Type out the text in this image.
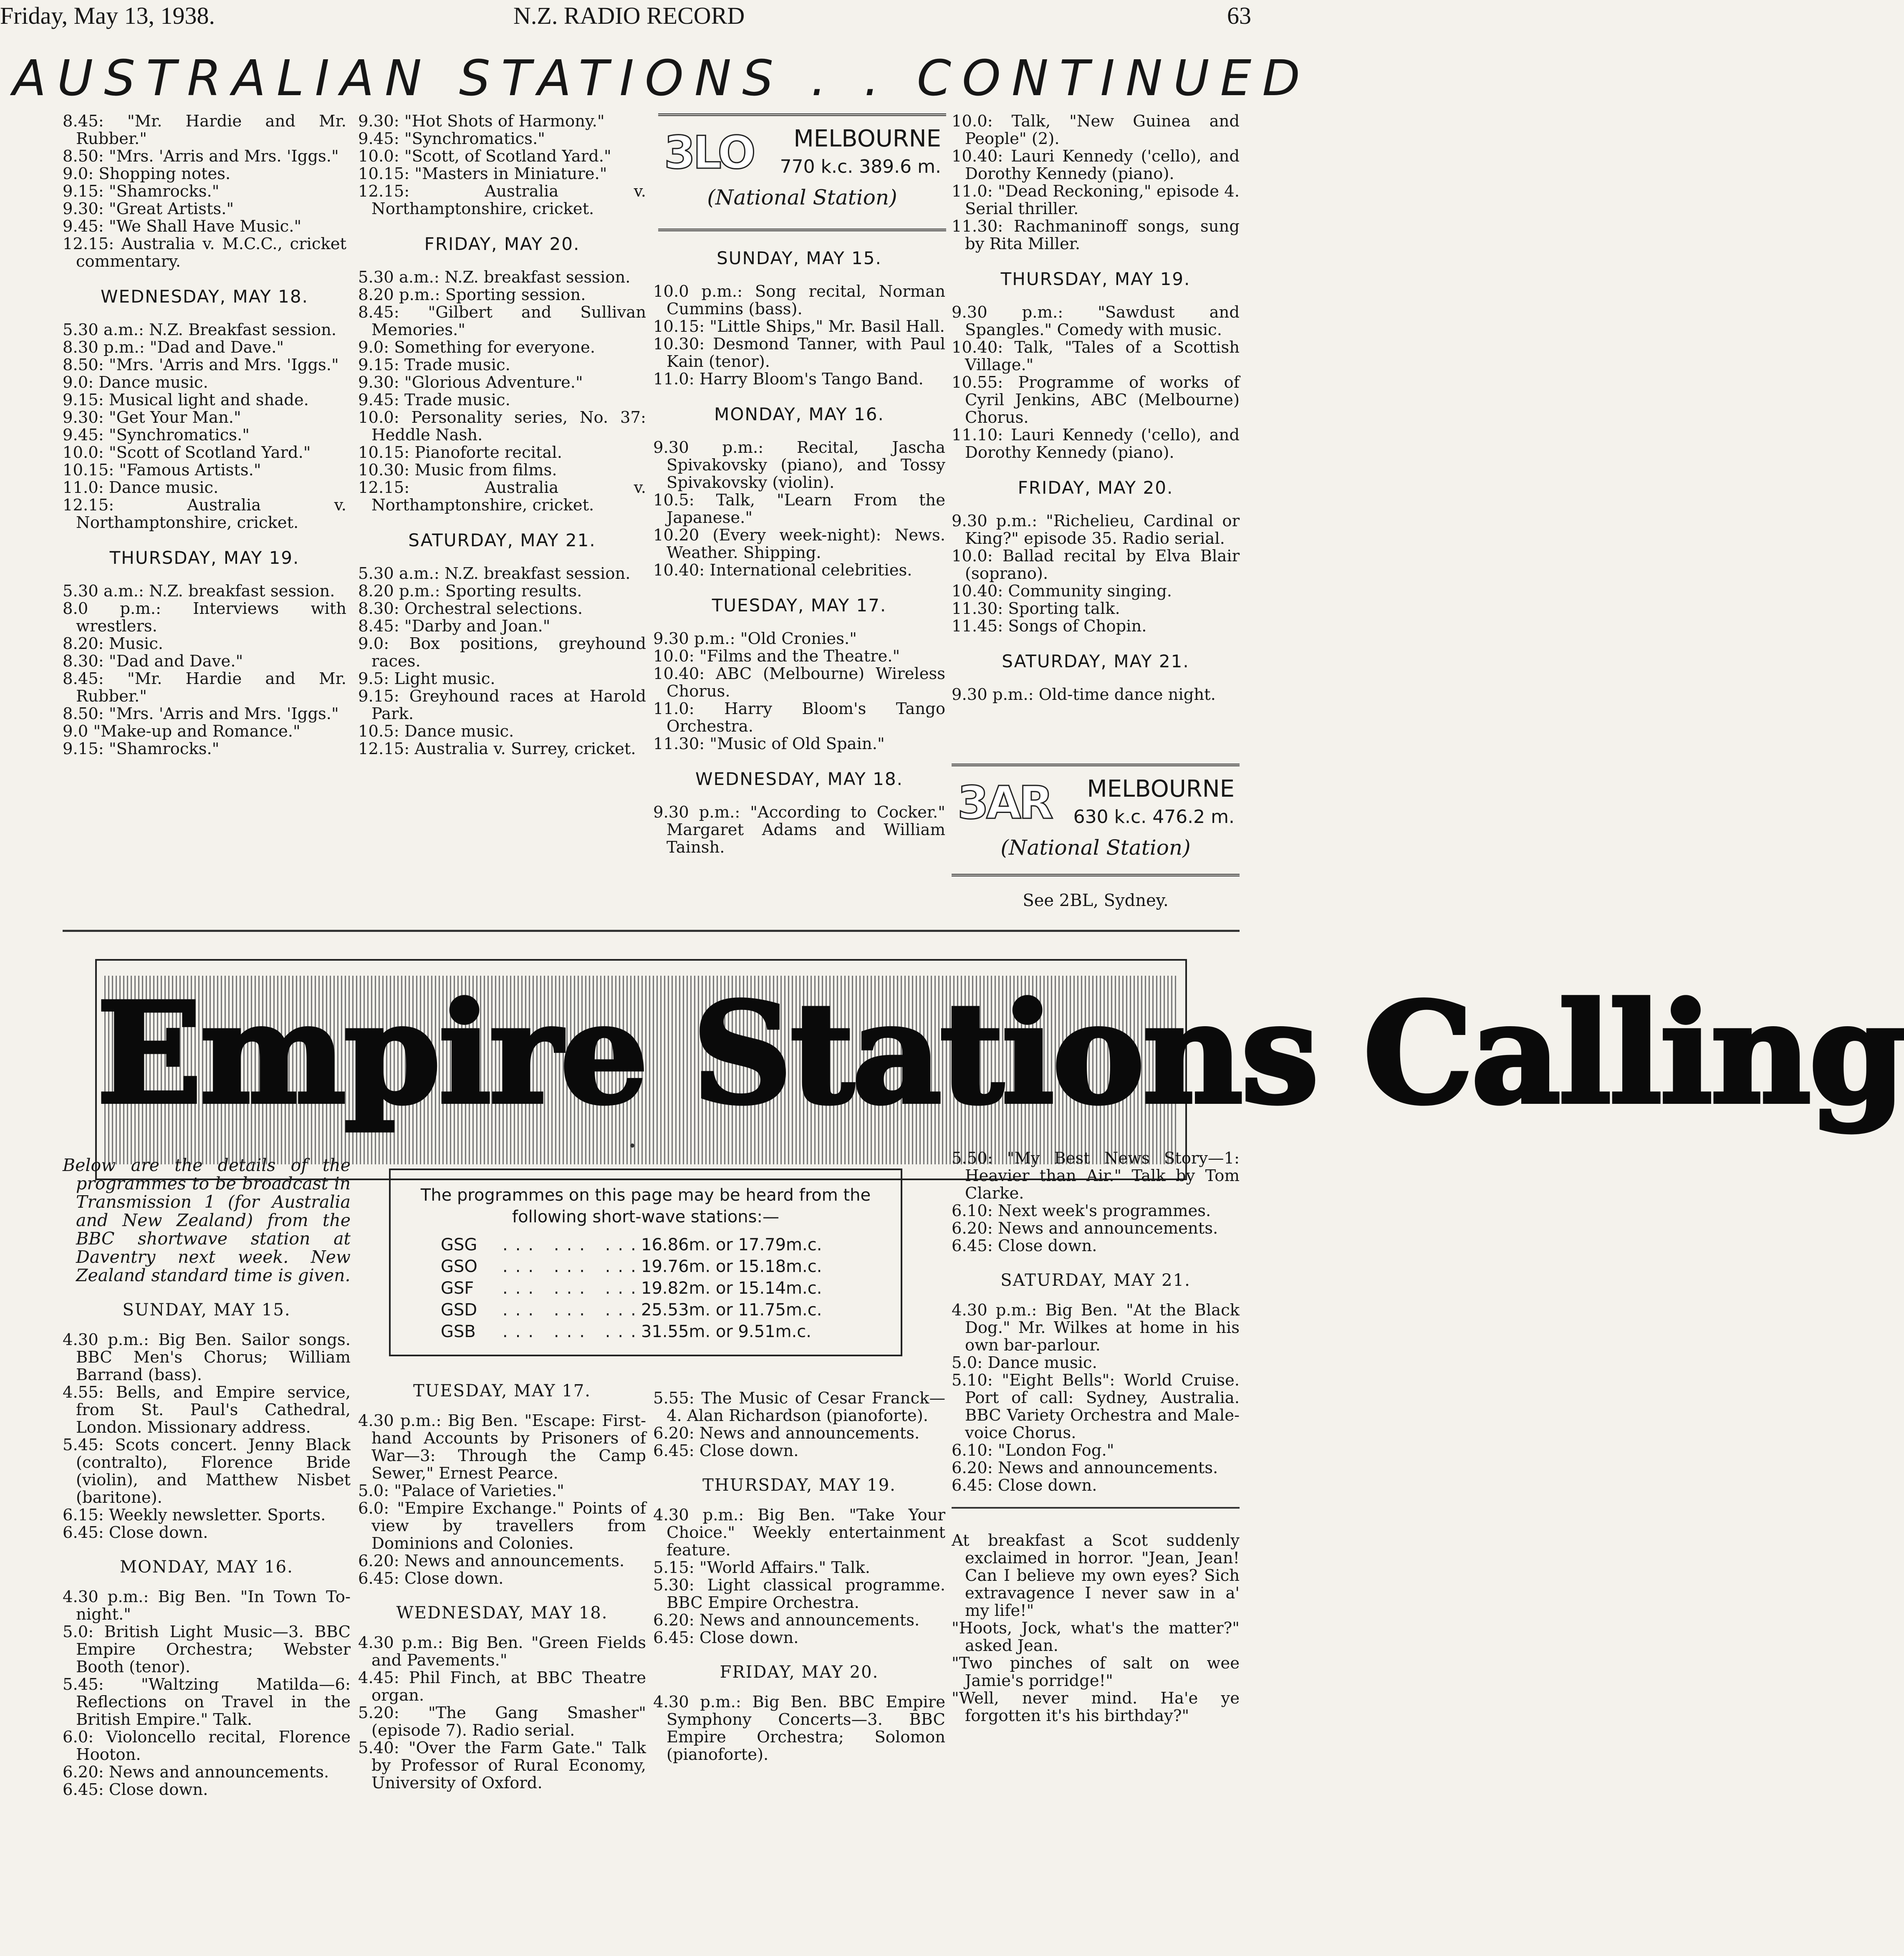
Friday, May 13, 1938.	N.Z. RADIO RECORD	63
AUSTRALIAN STATIONS . . CONTINUED

8.45: "Mr. Hardie and Mr. Rubber."

8.50: "Mrs. 'Arris and Mrs. 'Iggs."

9.0: Shopping notes.

9.15: "Shamrocks."

9.30: "Great Artists."

9.45: "We Shall Have Music."

12.15: Australia v. M.C.C., cricket commentary.

WEDNESDAY, MAY 18.

5.30 a.m.: N.Z. Breakfast session.

8.30 p.m.: "Dad and Dave."

8.50: "Mrs. 'Arris and Mrs. 'Iggs."

9.0: Dance music.

9.15: Musical light and shade.

9.30: "Get Your Man."

9.45: "Synchromatics."

10.0: "Scott of Scotland Yard."

10.15: "Famous Artists."

11.0: Dance music.

12.15: Australia v. Northamptonshire, cricket.

THURSDAY, MAY 19.

5.30 a.m.: N.Z. breakfast session.

8.0 p.m.: Interviews with wrestlers.

8.20: Music.

8.30: "Dad and Dave."

8.45: "Mr. Hardie and Mr. Rubber."

8.50: "Mrs. 'Arris and Mrs. 'Iggs."

9.0 "Make-up and Romance."

9.15: "Shamrocks."

9.30: "Hot Shots of Harmony."

9.45: "Synchromatics."

10.0: "Scott, of Scotland Yard."

10.15: "Masters in Miniature."

12.15: Australia v. Northamptonshire, cricket.

FRIDAY, MAY 20.

5.30 a.m.: N.Z. breakfast session.

8.20 p.m.: Sporting session.

8.45: "Gilbert and Sullivan Memories."

9.0: Something for everyone.

9.15: Trade music.

9.30: "Glorious Adventure."

9.45: Trade music.

10.0: Personality series, No. 37: Heddle Nash.

10.15: Pianoforte recital.

10.30: Music from films.

12.15: Australia v. Northamptonshire, cricket.

SATURDAY, MAY 21.

5.30 a.m.: N.Z. breakfast session.

8.20 p.m.: Sporting results.

8.30: Orchestral selections.

8.45: "Darby and Joan."

9.0: Box positions, greyhound races.

9.5: Light music.

9.15: Greyhound races at Harold Park.

10.5: Dance music.

12.15: Australia v. Surrey, cricket.

3LO MELBOURNE
770 k.c. 389.6 m.
(National Station)
SUNDAY, MAY 15.

10.0 p.m.: Song recital, Norman Cummins (bass).

10.15: "Little Ships," Mr. Basil Hall.

10.30: Desmond Tanner, with Paul Kain (tenor).

11.0: Harry Bloom's Tango Band.

MONDAY, MAY 16.

9.30 p.m.: Recital, Jascha Spivakovsky (piano), and Tossy Spivakovsky (violin).

10.5: Talk, "Learn From the Japanese."

10.20 (Every week-night): News. Weather. Shipping.

10.40: International celebrities.

TUESDAY, MAY 17.

9.30 p.m.: "Old Cronies."

10.0: "Films and the Theatre."

10.40: ABC (Melbourne) Wireless Chorus.

11.0: Harry Bloom's Tango Orchestra.

11.30: "Music of Old Spain."

WEDNESDAY, MAY 18.

9.30 p.m.: "According to Cocker." Margaret Adams and William Tainsh.

10.0: Talk, "New Guinea and People" (2).

10.40: Lauri Kennedy ('cello), and Dorothy Kennedy (piano).

11.0: "Dead Reckoning," episode 4. Serial thriller.

11.30: Rachmaninoff songs, sung by Rita Miller.

THURSDAY, MAY 19.

9.30 p.m.: "Sawdust and Spangles." Comedy with music.

10.40: Talk, "Tales of a Scottish Village."

10.55: Programme of works of Cyril Jenkins, ABC (Melbourne) Chorus.

11.10: Lauri Kennedy ('cello), and Dorothy Kennedy (piano).

FRIDAY, MAY 20.

9.30 p.m.: "Richelieu, Cardinal or King?" episode 35. Radio serial.

10.0: Ballad recital by Elva Blair (soprano).

10.40: Community singing.

11.30: Sporting talk.

11.45: Songs of Chopin.

SATURDAY, MAY 21.

9.30 p.m.: Old-time dance night.

3AR MELBOURNE
630 k.c. 476.2 m.
(National Station)
See 2BL, Sydney.
Empire Stations Calling
The programmes on this page may be heard from the following short-wave stations:—
GSG ... ... ...
16.86m. or 17.79m.c.
GSO ... ... ...
19.76m. or 15.18m.c.
GSF ... ... ...
19.82m. or 15.14m.c.
GSD ... ... ...
25.53m. or 11.75m.c.
GSB ... ... ...
31.55m. or 9.51m.c.

Below are the details of the programmes to be broadcast in Transmission 1 (for Australia and New Zealand) from the BBC shortwave station at Daventry next week. New Zealand standard time is given.

SUNDAY, MAY 15.

4.30 p.m.: Big Ben. Sailor songs. BBC Men's Chorus; William Barrand (bass).

4.55: Bells, and Empire service, from St. Paul's Cathedral, London. Missionary address.

5.45: Scots concert. Jenny Black (contralto), Florence Bride (violin), and Matthew Nisbet (baritone).

6.15: Weekly newsletter. Sports.

6.45: Close down.

MONDAY, MAY 16.

4.30 p.m.: Big Ben. "In Town To-night."

5.0: British Light Music—3. BBC Empire Orchestra; Webster Booth (tenor).

5.45: "Waltzing Matilda—6: Reflections on Travel in the British Empire." Talk.

6.0: Violoncello recital, Florence Hooton.

6.20: News and announcements.

6.45: Close down.

TUESDAY, MAY 17.

4.30 p.m.: Big Ben. "Escape: First-hand Accounts by Prisoners of War—3: Through the Camp Sewer," Ernest Pearce.

5.0: "Palace of Varieties."

6.0: "Empire Exchange." Points of view by travellers from Dominions and Colonies.

6.20: News and announcements.

6.45: Close down.

WEDNESDAY, MAY 18.

4.30 p.m.: Big Ben. "Green Fields and Pavements."

4.45: Phil Finch, at BBC Theatre organ.

5.20: "The Gang Smasher" (episode 7). Radio serial.

5.40: "Over the Farm Gate." Talk by Professor of Rural Economy, University of Oxford.

5.55: The Music of Cesar Franck—4. Alan Richardson (pianoforte).

6.20: News and announcements.

6.45: Close down.

THURSDAY, MAY 19.

4.30 p.m.: Big Ben. "Take Your Choice." Weekly entertainment feature.

5.15: "World Affairs." Talk.

5.30: Light classical programme. BBC Empire Orchestra.

6.20: News and announcements.

6.45: Close down.

FRIDAY, MAY 20.

4.30 p.m.: Big Ben. BBC Empire Symphony Concerts—3. BBC Empire Orchestra; Solomon (pianoforte).

5.50: "My Best News Story—1: Heavier than Air." Talk by Tom Clarke.

6.10: Next week's programmes.

6.20: News and announcements.

6.45: Close down.

SATURDAY, MAY 21.

4.30 p.m.: Big Ben. "At the Black Dog." Mr. Wilkes at home in his own bar-parlour.

5.0: Dance music.

5.10: "Eight Bells": World Cruise. Port of call: Sydney, Australia. BBC Variety Orchestra and Male-voice Chorus.

6.10: "London Fog."

6.20: News and announcements.

6.45: Close down.

At breakfast a Scot suddenly exclaimed in horror. "Jean, Jean! Can I believe my own eyes? Sich extravagence I never saw in a' my life!"

"Hoots, Jock, what's the matter?" asked Jean.

"Two pinches of salt on wee Jamie's porridge!"

"Well, never mind. Ha'e ye forgotten it's his birthday?"
